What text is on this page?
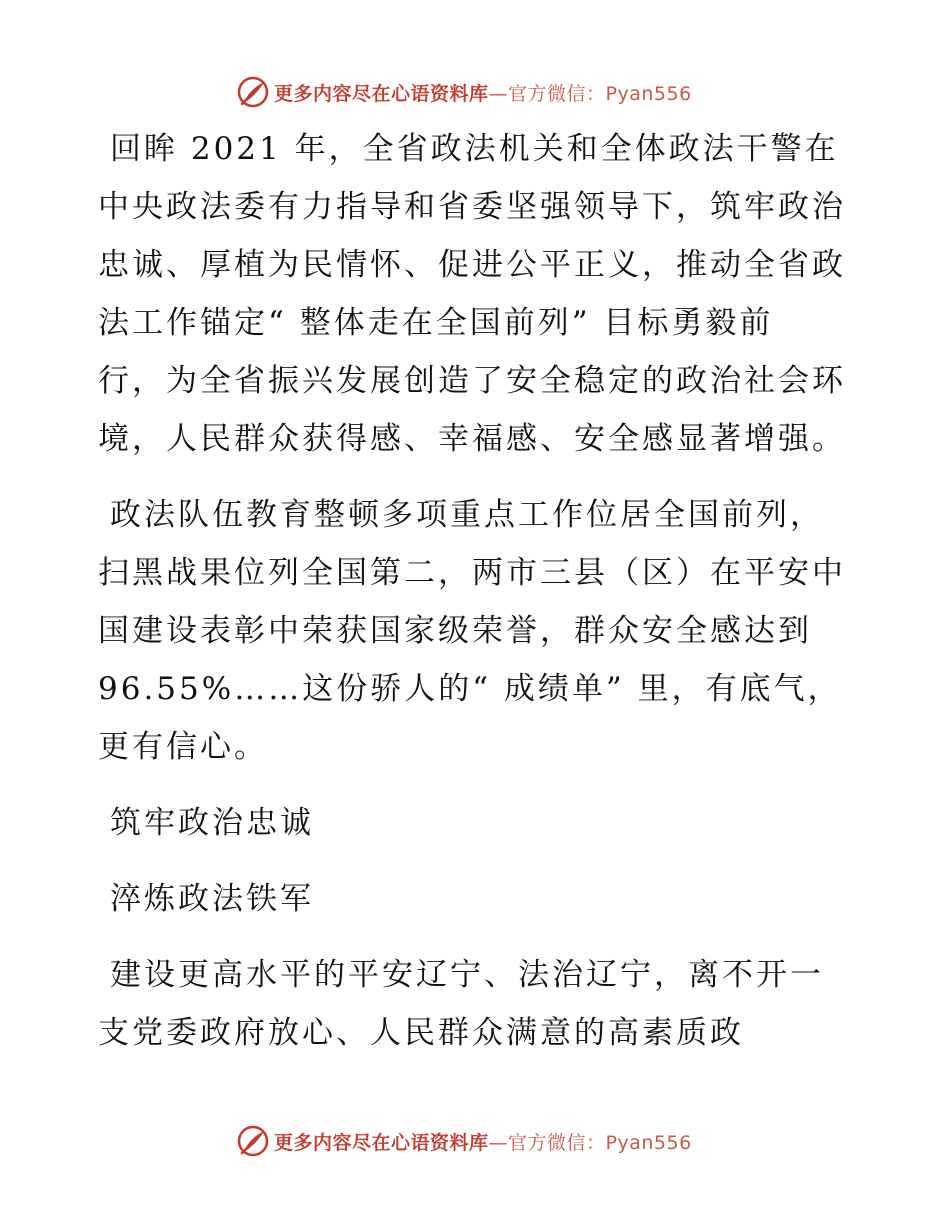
更多内容尽在心语资料库—官方微信：Pyan556
回眸 2021 年，全省政法机关和全体政法干警在
中央政法委有力指导和省委坚强领导下，筑牢政治
忠诚、厚植为民情怀、促进公平正义，推动全省政
法工作锚定“ 整体走在全国前列” 目标勇毅前
行，为全省振兴发展创造了安全稳定的政治社会环
境，人民群众获得感、幸福感、安全感显著增强。
政法队伍教育整顿多项重点工作位居全国前列，
扫黑战果位列全国第二，两市三县（区）在平安中
国建设表彰中荣获国家级荣誉，群众安全感达到
96.55%……这份骄人的“ 成绩单” 里，有底气，
更有信心。
筑牢政治忠诚
淬炼政法铁军
建设更高水平的平安辽宁、法治辽宁，离不开一
支党委政府放心、人民群众满意的高素质政
更多内容尽在心语资料库—官方微信：Pyan556
